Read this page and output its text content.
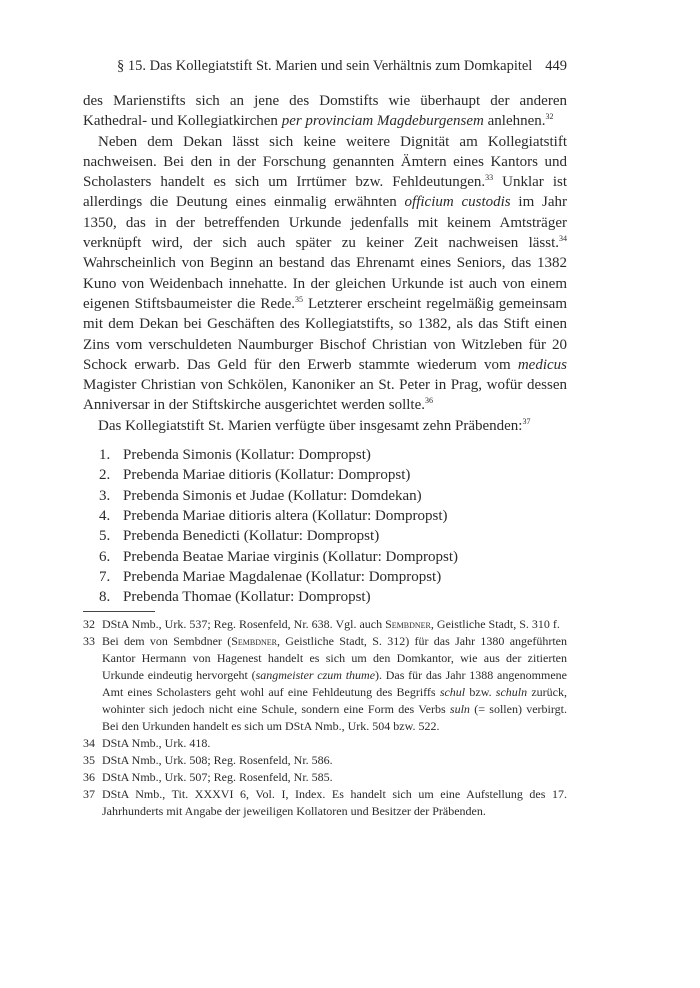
§ 15. Das Kollegiatstift St. Marien und sein Verhältnis zum Domkapitel 449

des Marienstifts sich an jene des Domstifts wie überhaupt der anderen Kathedral- und Kollegiatkirchen per provinciam Magdeburgensem anlehnen.$^{32}$

Neben dem Dekan lässt sich keine weitere Dignität am Kollegiatstift nachweisen. Bei den in der Forschung genannten Ämtern eines Kantors und Scholasters handelt es sich um Irrtümer bzw. Fehldeutungen.$^{33}$ Unklar ist allerdings die Deutung eines einmalig erwähnten officium custodis im Jahr 1350, das in der betreffenden Urkunde jedenfalls mit keinem Amtsträger verknüpft wird, der sich auch später zu keiner Zeit nachweisen lässt.$^{34}$ Wahrscheinlich von Beginn an bestand das Ehrenamt eines Seniors, das 1382 Kuno von Weidenbach innehatte. In der gleichen Urkunde ist auch von einem eigenen Stiftsbaumeister die Rede.$^{35}$ Letzterer erscheint regelmäßig gemeinsam mit dem Dekan bei Geschäften des Kollegiatstifts, so 1382, als das Stift einen Zins vom verschuldeten Naumburger Bischof Christian von Witzleben für 20 Schock erwarb. Das Geld für den Erwerb stammte wiederum vom medicus Magister Christian von Schkölen, Kanoniker an St. Peter in Prag, wofür dessen Anniversar in der Stiftskirche ausgerichtet werden sollte.$^{36}$

Das Kollegiatstift St. Marien verfügte über insgesamt zehn Präbenden:$^{37}$

1. Prebenda Simonis (Kollatur: Dompropst)
2. Prebenda Mariae ditioris (Kollatur: Dompropst)
3. Prebenda Simonis et Judae (Kollatur: Domdekan)
4. Prebenda Mariae ditioris altera (Kollatur: Dompropst)
5. Prebenda Benedicti (Kollatur: Dompropst)
6. Prebenda Beatae Mariae virginis (Kollatur: Dompropst)
7. Prebenda Mariae Magdalenae (Kollatur: Dompropst)
8. Prebenda Thomae (Kollatur: Dompropst)
32 DStA Nmb., Urk. 537; Reg. Rosenfeld, Nr. 638. Vgl. auch Sembdner, Geistliche Stadt, S. 310 f.
33 Bei dem von Sembdner (Sembdner, Geistliche Stadt, S. 312) für das Jahr 1380 angeführten Kantor Hermann von Hagenest handelt es sich um den Domkantor, wie aus der zitierten Urkunde eindeutig hervorgeht (sangmeister czum thume). Das für das Jahr 1388 angenommene Amt eines Scholasters geht wohl auf eine Fehldeutung des Begriffs schul bzw. schuln zurück, wohinter sich jedoch nicht eine Schule, sondern eine Form des Verbs suln (= sollen) verbirgt. Bei den Urkunden handelt es sich um DStA Nmb., Urk. 504 bzw. 522.
34 DStA Nmb., Urk. 418.
35 DStA Nmb., Urk. 508; Reg. Rosenfeld, Nr. 586.
36 DStA Nmb., Urk. 507; Reg. Rosenfeld, Nr. 585.
37 DStA Nmb., Tit. XXXVI 6, Vol. I, Index. Es handelt sich um eine Aufstellung des 17. Jahrhunderts mit Angabe der jeweiligen Kollatoren und Besitzer der Präbenden.
